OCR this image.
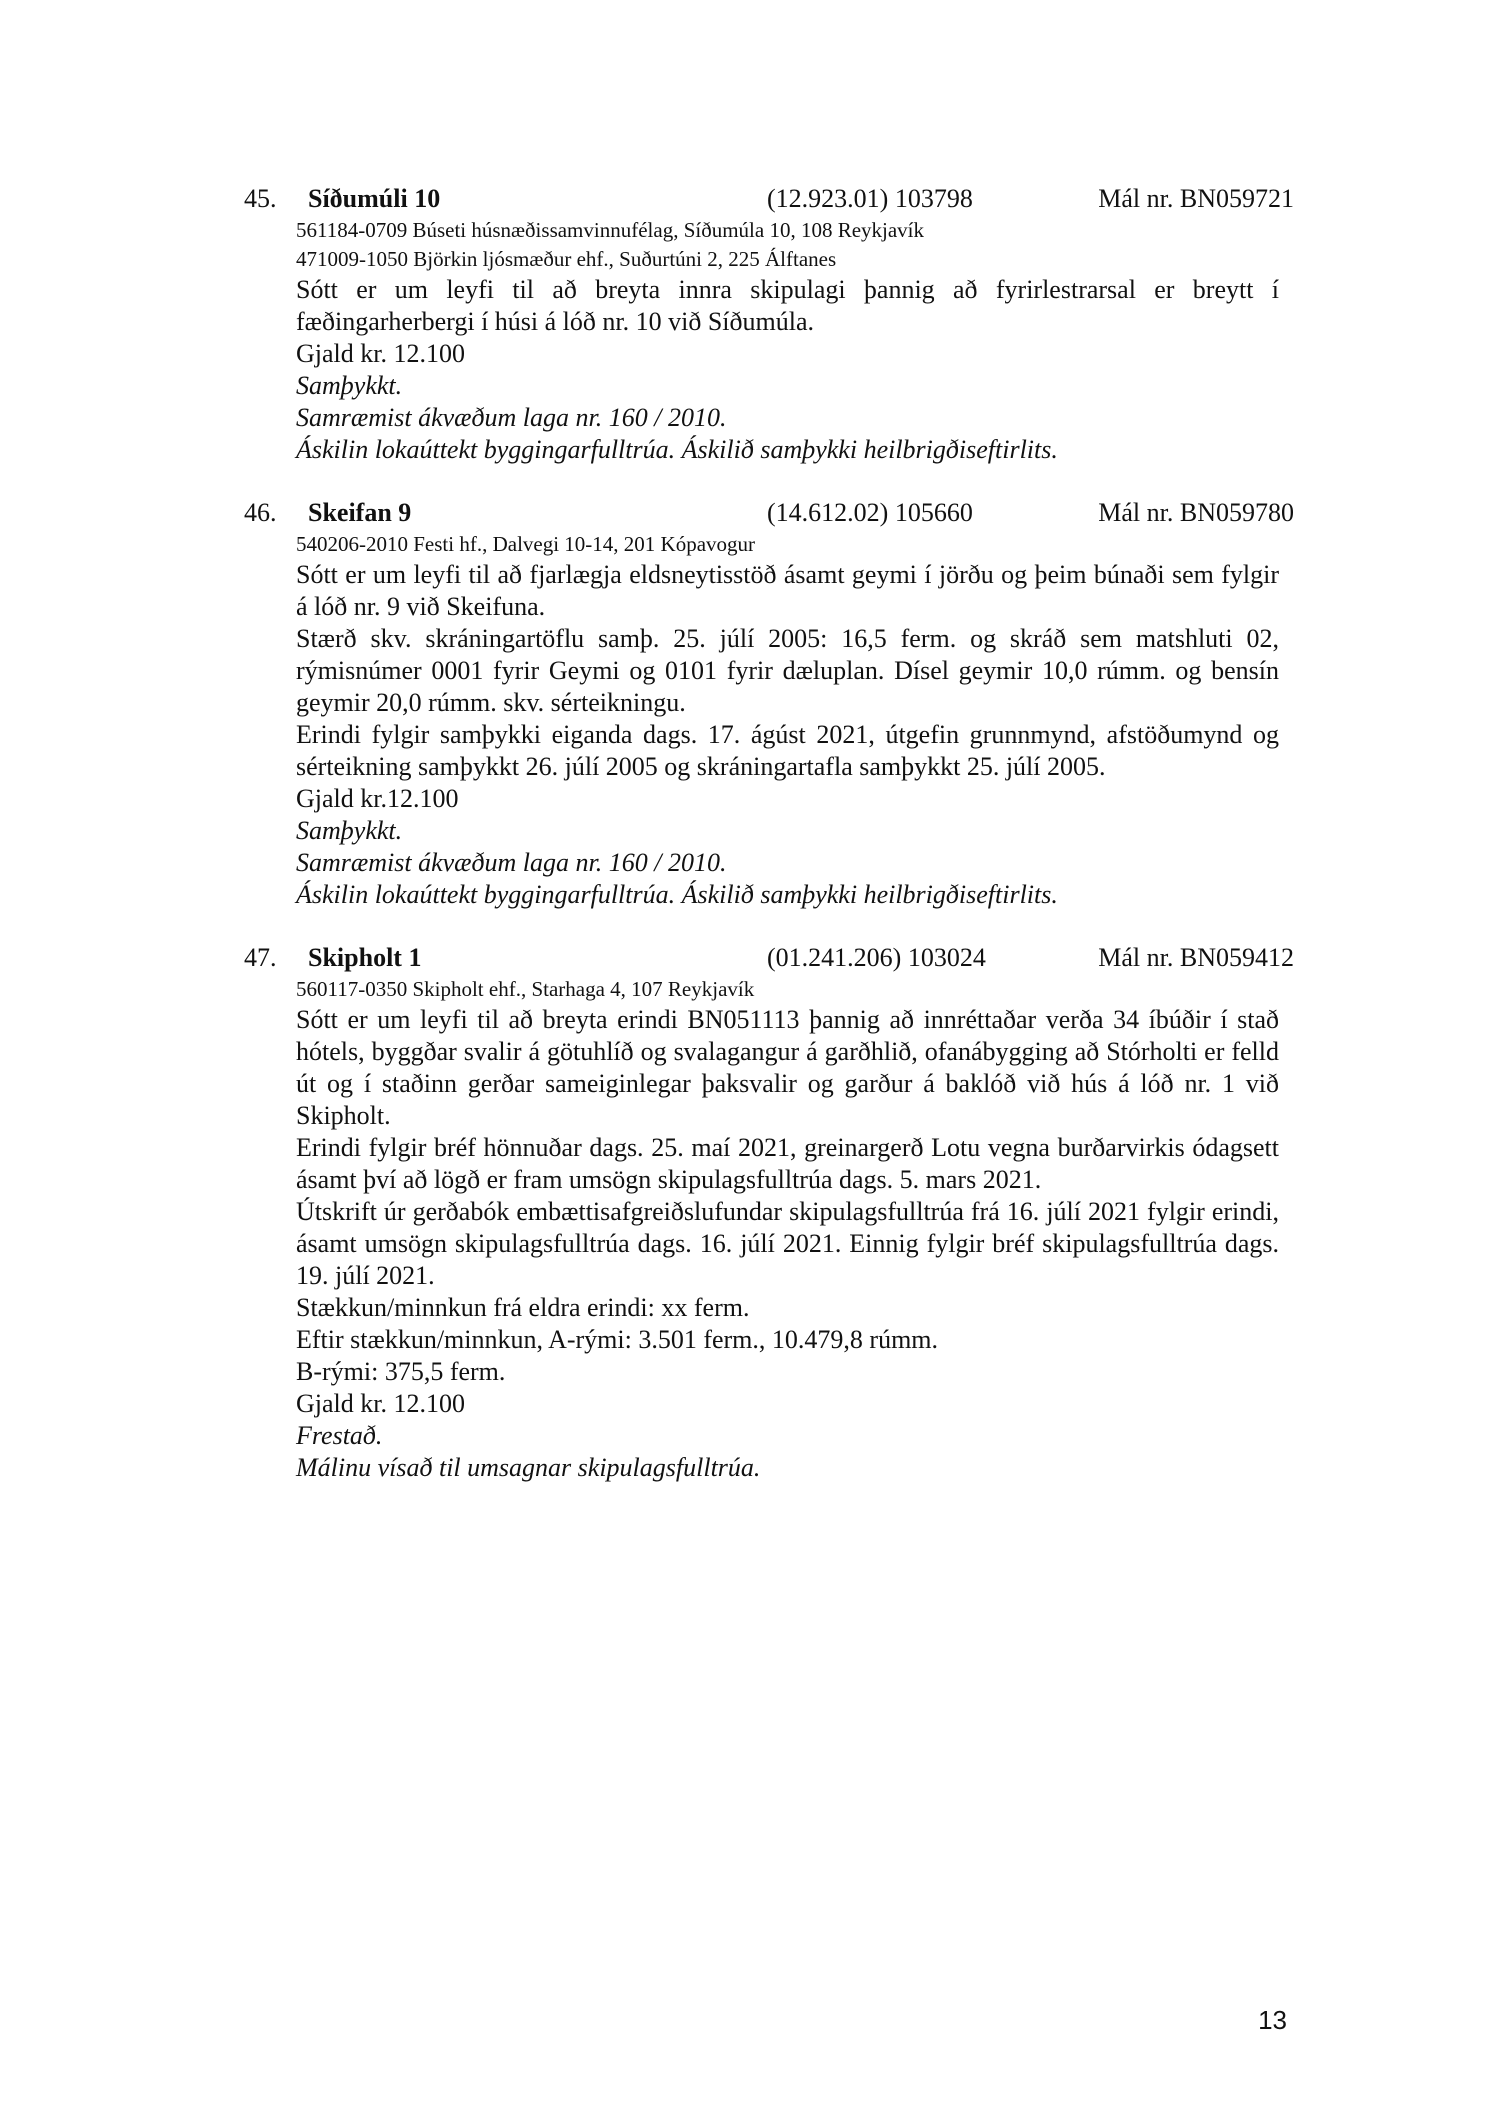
45. Síðumúli 10	(12.923.01) 103798	Mál nr. BN059721
561184-0709 Búseti húsnæðissamvinnufélag, Síðumúla 10, 108 Reykjavík
471009-1050 Björkin ljósmæður ehf., Suðurtúni 2, 225 Álftanes
Sótt er um leyfi til að breyta innra skipulagi þannig að fyrirlestrarsal er breytt í fæðingarherbergi í húsi á lóð nr. 10 við Síðumúla.
Gjald kr. 12.100
Samþykkt.
Samræmist ákvæðum laga nr. 160 / 2010.
Áskilin lokaúttekt byggingarfulltrúa. Áskilið samþykki heilbrigðiseftirlits.
46. Skeifan 9	(14.612.02) 105660	Mál nr. BN059780
540206-2010 Festi hf., Dalvegi 10-14, 201 Kópavogur
Sótt er um leyfi til að fjarlægja eldsneytisstöð ásamt geymi í jörðu og þeim búnaði sem fylgir á lóð nr. 9 við Skeifuna.
Stærð skv. skráningartöflu samþ. 25. júlí 2005: 16,5 ferm. og skráð sem matshluti 02, rýmisnúmer 0001 fyrir Geymi og 0101 fyrir dæluplan. Dísel geymir 10,0 rúmm. og bensín geymir 20,0 rúmm. skv. sérteikningu.
Erindi fylgir samþykki eiganda dags. 17. ágúst 2021, útgefin grunnmynd, afstöðumynd og sérteikning samþykkt 26. júlí 2005 og skráningartafla samþykkt 25. júlí 2005.
Gjald kr.12.100
Samþykkt.
Samræmist ákvæðum laga nr. 160 / 2010.
Áskilin lokaúttekt byggingarfulltrúa. Áskilið samþykki heilbrigðiseftirlits.
47. Skipholt 1	(01.241.206) 103024	Mál nr. BN059412
560117-0350 Skipholt ehf., Starhaga 4, 107 Reykjavík
Sótt er um leyfi til að breyta erindi BN051113 þannig að innréttaðar verða 34 íbúðir í stað hótels, byggðar svalir á götuhlíð og svalagangur á garðhlið, ofanábygging að Stórholti er felld út og í staðinn gerðar sameiginlegar þaksvalir og garður á baklóð við hús á lóð nr. 1 við Skipholt.
Erindi fylgir bréf hönnuðar dags. 25. maí 2021, greinargerð Lotu vegna burðarvirkis ódagsett ásamt því að lögð er fram umsögn skipulagsfulltrúa dags. 5. mars 2021.
Útskrift úr gerðabók embættisafgreiðslufundar skipulagsfulltrúa frá 16. júlí 2021 fylgir erindi, ásamt umsögn skipulagsfulltrúa dags. 16. júlí 2021. Einnig fylgir bréf skipulagsfulltrúa dags. 19. júlí 2021.
Stækkun/minnkun frá eldra erindi: xx ferm.
Eftir stækkun/minnkun, A-rými: 3.501 ferm., 10.479,8 rúmm.
B-rými: 375,5 ferm.
Gjald kr. 12.100
Frestað.
Málinu vísað til umsagnar skipulagsfulltrúa.
13
